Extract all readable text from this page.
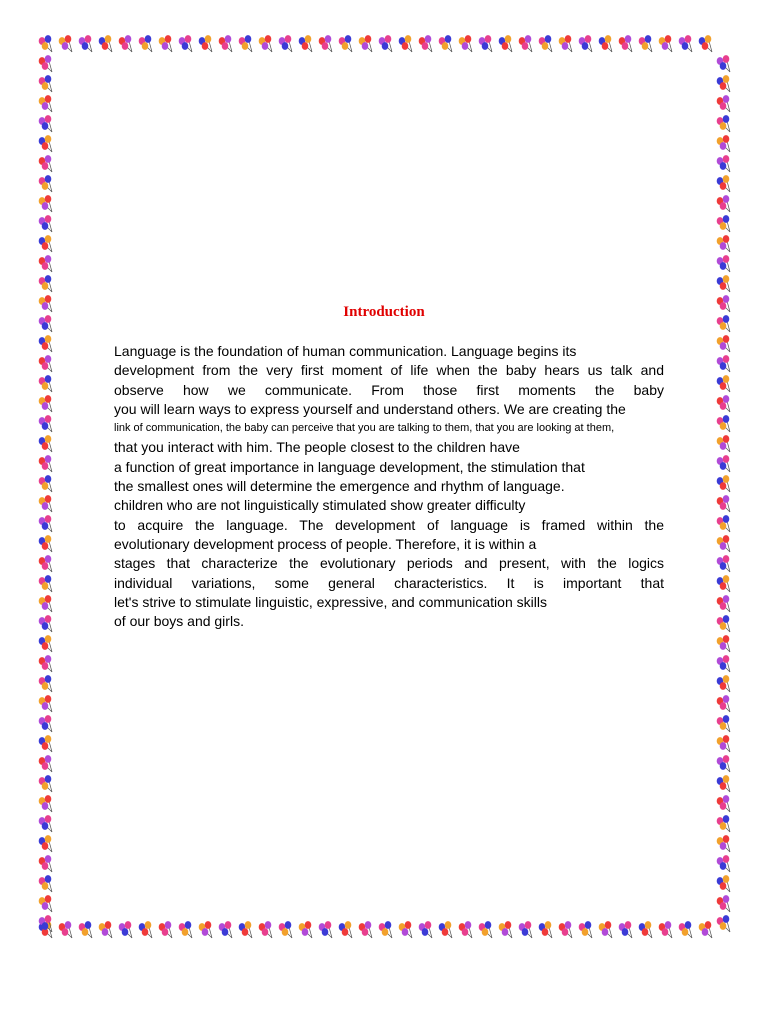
Introduction
Language is the foundation of human communication. Language begins its
development from the very first moment of life when the baby hears us talk and
observe how we communicate. From those first moments the baby
you will learn ways to express yourself and understand others. We are creating the
link of communication, the baby can perceive that you are talking to them, that you are looking at them,
that you interact with him. The people closest to the children have
a function of great importance in language development, the stimulation that
the smallest ones will determine the emergence and rhythm of language.
children who are not linguistically stimulated show greater difficulty
to acquire the language. The development of language is framed within the
evolutionary development process of people. Therefore, it is within a
stages that characterize the evolutionary periods and present, with the logics
individual variations, some general characteristics. It is important that
let's strive to stimulate linguistic, expressive, and communication skills
of our boys and girls.
